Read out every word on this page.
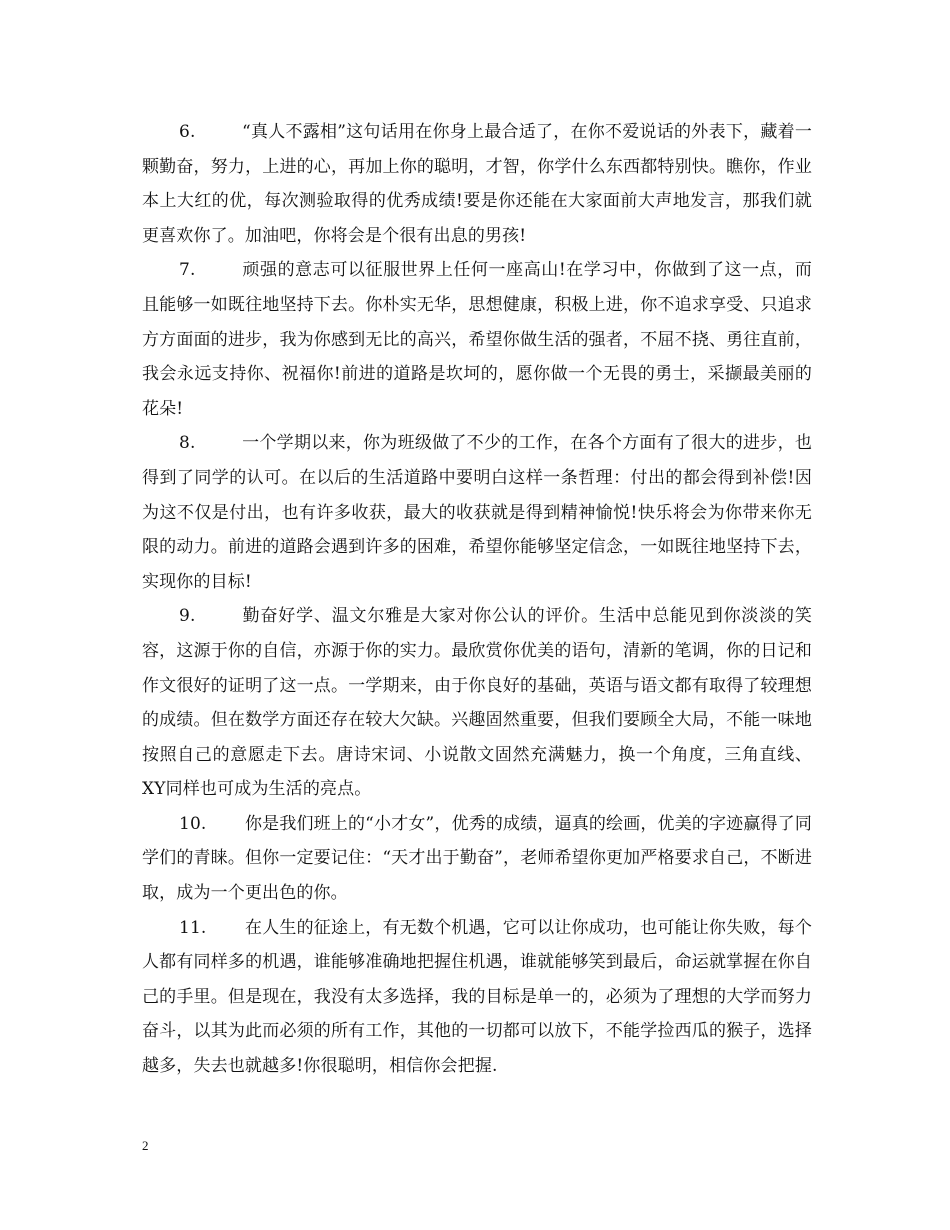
6.	“真人不露相”这句话用在你身上最合适了，在你不爱说话的外表下，藏着一颗勤奋，努力，上进的心，再加上你的聪明，才智，你学什么东西都特别快。瞧你，作业本上大红的优，每次测验取得的优秀成绩!要是你还能在大家面前大声地发言，那我们就更喜欢你了。加油吧，你将会是个很有出息的男孩!

7.	顽强的意志可以征服世界上任何一座高山!在学习中，你做到了这一点，而且能够一如既往地坚持下去。你朴实无华，思想健康，积极上进，你不追求享受、只追求方方面面的进步，我为你感到无比的高兴，希望你做生活的强者，不屈不挠、勇往直前，我会永远支持你、祝福你!前进的道路是坎坷的，愿你做一个无畏的勇士，采撷最美丽的花朵!

8.	一个学期以来，你为班级做了不少的工作，在各个方面有了很大的进步，也得到了同学的认可。在以后的生活道路中要明白这样一条哲理：付出的都会得到补偿!因为这不仅是付出，也有许多收获，最大的收获就是得到精神愉悦!快乐将会为你带来你无限的动力。前进的道路会遇到许多的困难，希望你能够坚定信念，一如既往地坚持下去，实现你的目标!

9.	勤奋好学、温文尔雅是大家对你公认的评价。生活中总能见到你淡淡的笑容，这源于你的自信，亦源于你的实力。最欣赏你优美的语句，清新的笔调，你的日记和作文很好的证明了这一点。一学期来，由于你良好的基础，英语与语文都有取得了较理想的成绩。但在数学方面还存在较大欠缺。兴趣固然重要，但我们要顾全大局，不能一味地按照自己的意愿走下去。唐诗宋词、小说散文固然充满魅力，换一个角度，三角直线、XY同样也可成为生活的亮点。

10. 你是我们班上的“小才女”，优秀的成绩，逼真的绘画，优美的字迹赢得了同学们的青睐。但你一定要记住：“天才出于勤奋”，老师希望你更加严格要求自己，不断进取，成为一个更出色的你。

11. 在人生的征途上，有无数个机遇，它可以让你成功，也可能让你失败，每个人都有同样多的机遇，谁能够准确地把握住机遇，谁就能够笑到最后，命运就掌握在你自己的手里。但是现在，我没有太多选择，我的目标是单一的，必须为了理想的大学而努力奋斗，以其为此而必须的所有工作，其他的一切都可以放下，不能学捡西瓜的猴子，选择越多，失去也就越多!你很聪明，相信你会把握.

2
